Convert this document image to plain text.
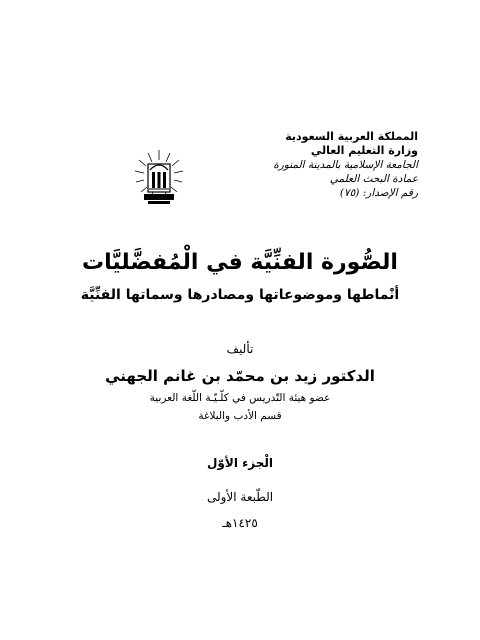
المملكة العربية السعودية
وزارة التعليم العالي
الجامعة الإسلامية بالمدينة المنورة
عمادة البحث العلمي
رقم الإصدار: (٧٥)
الصُّورة الفنِّيَّة في الْمُفضَّليَّات
أنْماطها وموضوعاتها ومصادرها وسماتها الفنِّيَّة
تأليف
الدكتور زيد بن محمّد بن غانم الجهني
عضو هيئة التّدريس في كلّـيّـة اللّغة العربية
قسم الأدب والبلاغة
الْجزء الأوّل
الطّبعة الأولى
١٤٢٥هـ
